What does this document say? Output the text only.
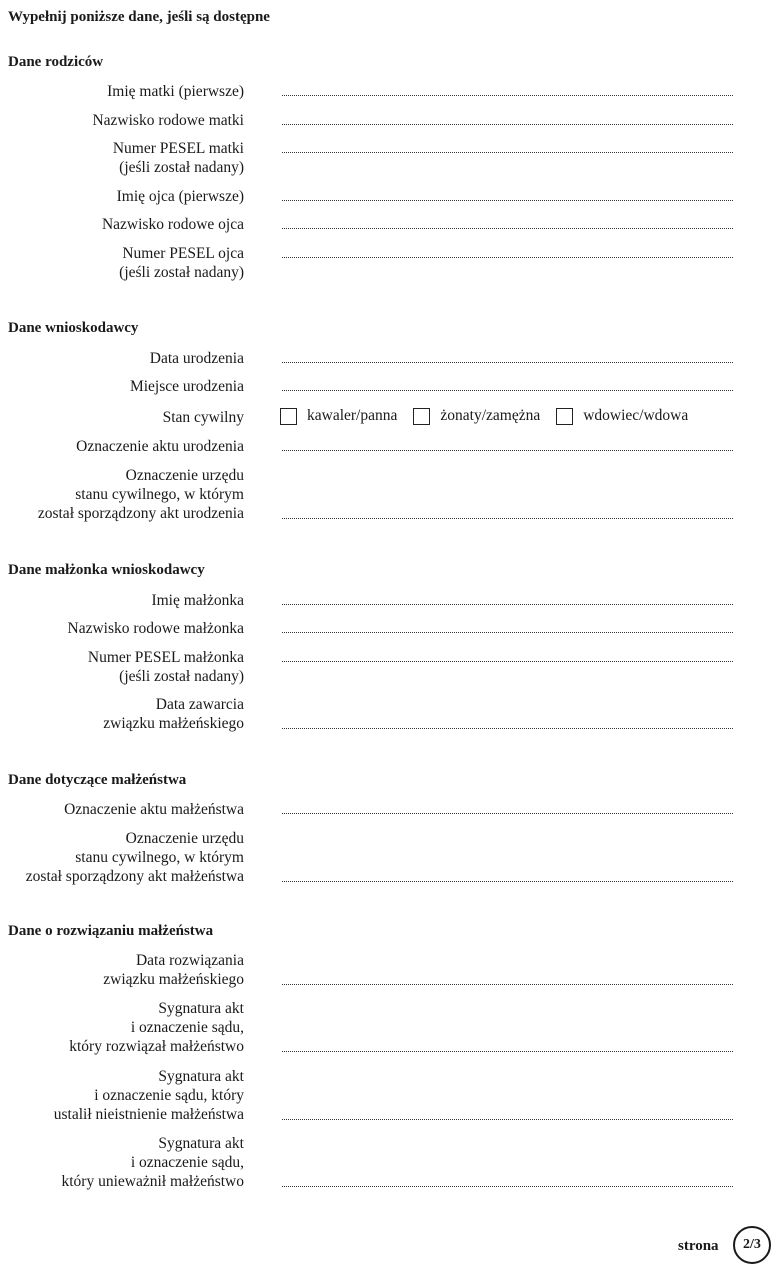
Wypełnij poniższe dane, jeśli są dostępne
Dane rodziców
Imię matki (pierwsze)
Nazwisko rodowe matki
Numer PESEL matki
(jeśli został nadany)
Imię ojca (pierwsze)
Nazwisko rodowe ojca
Numer PESEL ojca
(jeśli został nadany)
Dane wnioskodawcy
Data urodzenia
Miejsce urodzenia
Stan cywilny	kawaler/panna	żonaty/zamężna	wdowiec/wdowa
Oznaczenie aktu urodzenia
Oznaczenie urzędu
stanu cywilnego, w którym
został sporządzony akt urodzenia
Dane małżonka wnioskodawcy
Imię małżonka
Nazwisko rodowe małżonka
Numer PESEL małżonka
(jeśli został nadany)
Data zawarcia
związku małżeńskiego
Dane dotyczące małżeństwa
Oznaczenie aktu małżeństwa
Oznaczenie urzędu
stanu cywilnego, w którym
został sporządzony akt małżeństwa
Dane o rozwiązaniu małżeństwa
Data rozwiązania
związku małżeńskiego
Sygnatura akt
i oznaczenie sądu,
który rozwiązał małżeństwo
Sygnatura akt
i oznaczenie sądu, który
ustalił nieistnienie małżeństwa
Sygnatura akt
i oznaczenie sądu,
który unieważnił małżeństwo
strona 2/3
